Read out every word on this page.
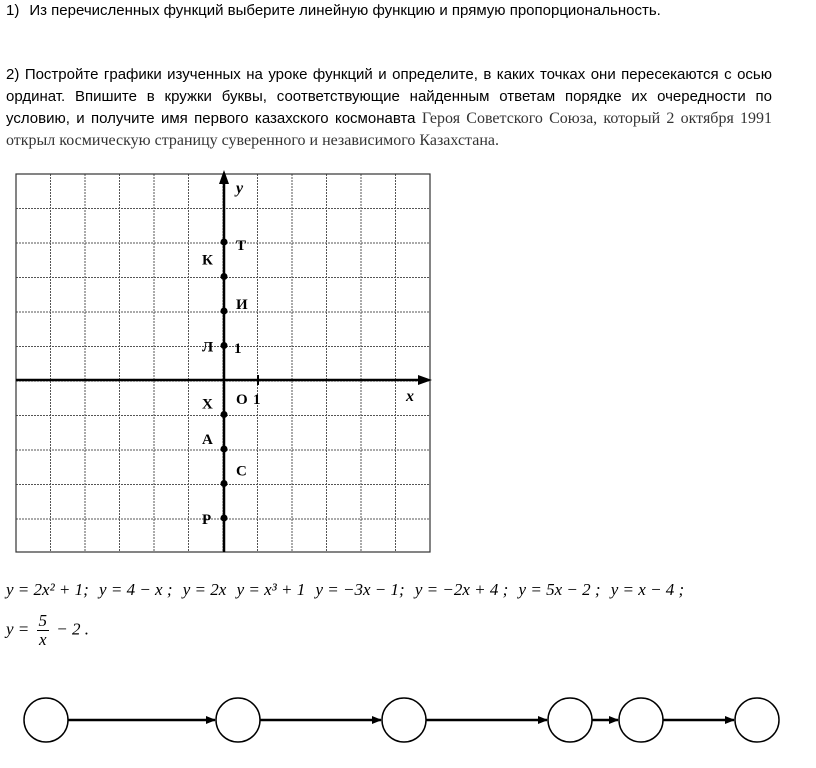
1) Из перечисленных функций выберите линейную функцию и прямую пропорциональность.
2) Постройте графики изученных на уроке функций и определите, в каких точках они пересекаются с осью ординат. Впишите в кружки буквы, соответствующие найденным ответам порядке их очередности по условию, и получите имя первого казахского космонавта Героя Советского Союза, который 2 октября 1991 открыл космическую страницу суверенного и независимого Казахстана.
Т
К
И
Л
Х
А
С
Р
y
x
O 1
1
y = 2x² + 1; y = 4 − x ; y = 2x y = x³ + 1 y = −3x − 1; y = −2x + 4 ; y = 5x − 2 ; y = x − 4 ;
$y = \frac{5}{x} - 2$ .
